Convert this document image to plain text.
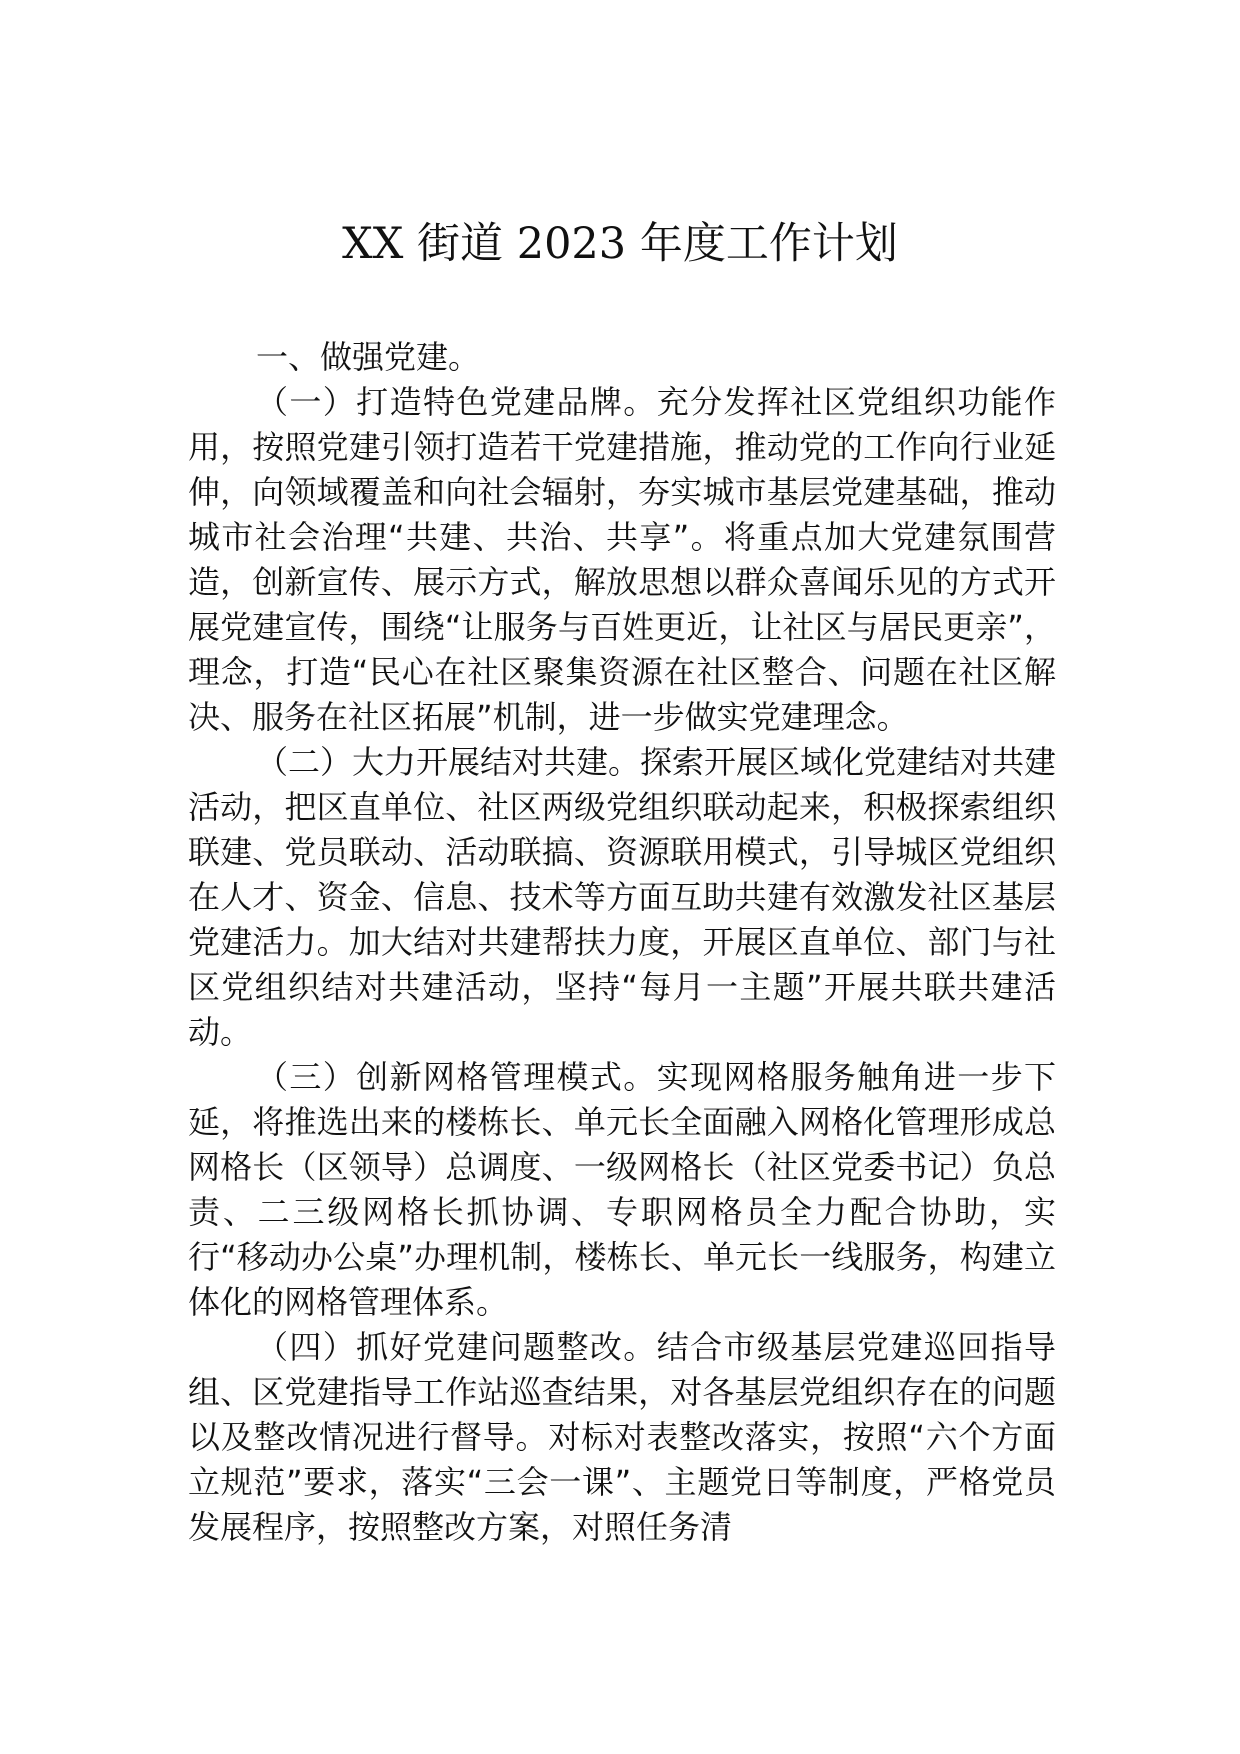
XX 街道 2023 年度工作计划

一、做强党建。

（一）打造特色党建品牌。充分发挥社区党组织功能作用，按照党建引领打造若干党建措施，推动党的工作向行业延伸，向领域覆盖和向社会辐射，夯实城市基层党建基础，推动城市社会治理“共建、共治、共享”。将重点加大党建氛围营造，创新宣传、展示方式，解放思想以群众喜闻乐见的方式开展党建宣传，围绕“让服务与百姓更近，让社区与居民更亲”，理念，打造“民心在社区聚集资源在社区整合、问题在社区解决、服务在社区拓展”机制，进一步做实党建理念。

（二）大力开展结对共建。探索开展区域化党建结对共建活动，把区直单位、社区两级党组织联动起来，积极探索组织联建、党员联动、活动联搞、资源联用模式，引导城区党组织在人才、资金、信息、技术等方面互助共建有效激发社区基层党建活力。加大结对共建帮扶力度，开展区直单位、部门与社区党组织结对共建活动，坚持“每月一主题”开展共联共建活动。

（三）创新网格管理模式。实现网格服务触角进一步下延，将推选出来的楼栋长、单元长全面融入网格化管理形成总网格长（区领导）总调度、一级网格长（社区党委书记）负总责、二三级网格长抓协调、专职网格员全力配合协助，实行“移动办公桌”办理机制，楼栋长、单元长一线服务，构建立体化的网格管理体系。

（四）抓好党建问题整改。结合市级基层党建巡回指导组、区党建指导工作站巡查结果，对各基层党组织存在的问题以及整改情况进行督导。对标对表整改落实，按照“六个方面立规范”要求，落实“三会一课”、主题党日等制度，严格党员发展程序，按照整改方案，对照任务清
